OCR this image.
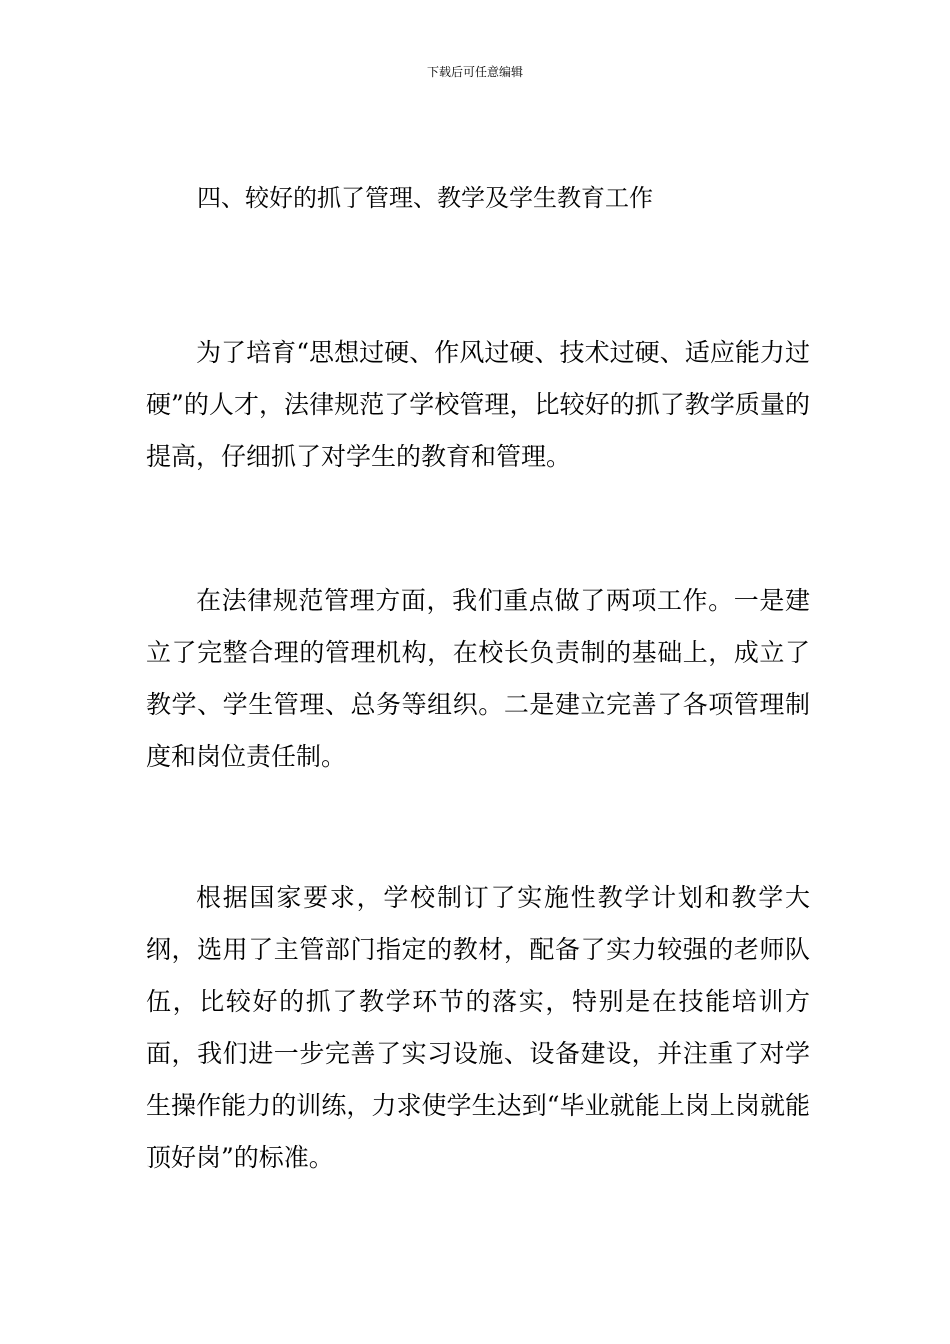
下载后可任意编辑
四、较好的抓了管理、教学及学生教育工作

为了培育“思想过硬、作风过硬、技术过硬、适应能力过硬”的人才，法律规范了学校管理，比较好的抓了教学质量的提高，仔细抓了对学生的教育和管理。

在法律规范管理方面，我们重点做了两项工作。一是建立了完整合理的管理机构，在校长负责制的基础上，成立了教学、学生管理、总务等组织。二是建立完善了各项管理制度和岗位责任制。

根据国家要求，学校制订了实施性教学计划和教学大纲，选用了主管部门指定的教材，配备了实力较强的老师队伍，比较好的抓了教学环节的落实，特别是在技能培训方面，我们进一步完善了实习设施、设备建设，并注重了对学生操作能力的训练，力求使学生达到“毕业就能上岗上岗就能顶好岗”的标准。
